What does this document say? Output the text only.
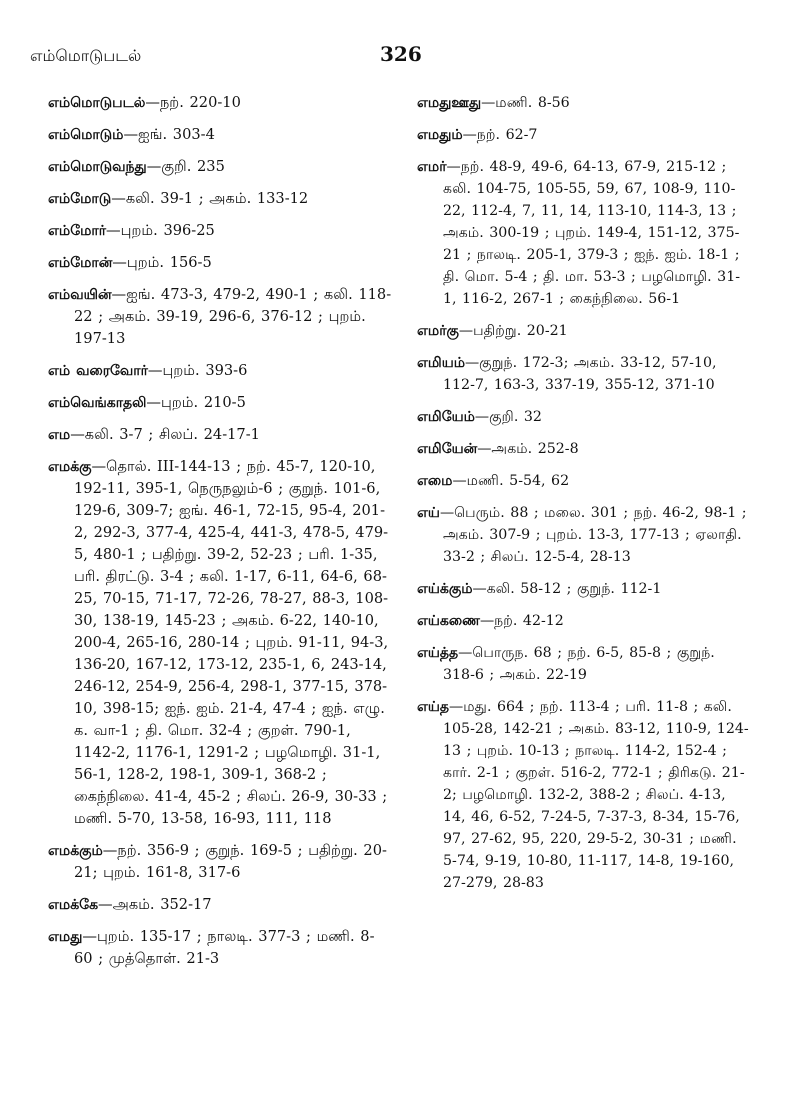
எம்மொடுபடல்	326

எம்மொடுபடல்—நற். 220-10

எம்மொடும்—ஐங். 303-4

எம்மொடுவந்து—குறி. 235

எம்மோடு—கலி. 39-1 ; அகம். 133-12

எம்மோர்—புறம். 396-25

எம்மோன்—புறம். 156-5

எம்வயின்—ஐங். 473-3, 479-2, 490-1 ; கலி. 118-22 ; அகம். 39-19, 296-6, 376-12 ; புறம். 197-13

எம் வரைவோர்—புறம். 393-6

எம்வெங்காதலி—புறம். 210-5

எம—கலி. 3-7 ; சிலப். 24-17-1

எமக்கு—தொல். III-144-13 ; நற். 45-7, 120-10, 192-11, 395-1, நெருநலும்-6 ; குறுந். 101-6, 129-6, 309-7; ஐங். 46-1, 72-15, 95-4, 201-2, 292-3, 377-4, 425-4, 441-3, 478-5, 479-5, 480-1 ; பதிற்று. 39-2, 52-23 ; பரி. 1-35, பரி. திரட்டு. 3-4 ; கலி. 1-17, 6-11, 64-6, 68-25, 70-15, 71-17, 72-26, 78-27, 88-3, 108-30, 138-19, 145-23 ; அகம். 6-22, 140-10, 200-4, 265-16, 280-14 ; புறம். 91-11, 94-3, 136-20, 167-12, 173-12, 235-1, 6, 243-14, 246-12, 254-9, 256-4, 298-1, 377-15, 378-10, 398-15; ஐந். ஐம். 21-4, 47-4 ; ஐந். எழு. க. வா-1 ; தி. மொ. 32-4 ; குறள். 790-1, 1142-2, 1176-1, 1291-2 ; பழமொழி. 31-1, 56-1, 128-2, 198-1, 309-1, 368-2 ; கைந்நிலை. 41-4, 45-2 ; சிலப். 26-9, 30-33 ; மணி. 5-70, 13-58, 16-93, 111, 118

எமக்கும்—நற். 356-9 ; குறுந். 169-5 ; பதிற்று. 20-21; புறம். 161-8, 317-6

எமக்கே—அகம். 352-17

எமது—புறம். 135-17 ; நாலடி. 377-3 ; மணி. 8-60 ; முத்தொள். 21-3

எமதுஊது—மணி. 8-56

எமதும்—நற். 62-7

எமர்—நற். 48-9, 49-6, 64-13, 67-9, 215-12 ; கலி. 104-75, 105-55, 59, 67, 108-9, 110-22, 112-4, 7, 11, 14, 113-10, 114-3, 13 ; அகம். 300-19 ; புறம். 149-4, 151-12, 375-21 ; நாலடி. 205-1, 379-3 ; ஐந். ஐம். 18-1 ; தி. மொ. 5-4 ; தி. மா. 53-3 ; பழமொழி. 31-1, 116-2, 267-1 ; கைந்நிலை. 56-1

எமர்கு—பதிற்று. 20-21

எமியம்—குறுந். 172-3; அகம். 33-12, 57-10, 112-7, 163-3, 337-19, 355-12, 371-10

எமியேம்—குறி. 32

எமியேன்—அகம். 252-8

எமை—மணி. 5-54, 62

எய்—பெரும். 88 ; மலை. 301 ; நற். 46-2, 98-1 ; அகம். 307-9 ; புறம். 13-3, 177-13 ; ஏலாதி. 33-2 ; சிலப். 12-5-4, 28-13

எய்க்கும்—கலி. 58-12 ; குறுந். 112-1

எய்கணை—நற். 42-12

எய்த்த—பொருந. 68 ; நற். 6-5, 85-8 ; குறுந். 318-6 ; அகம். 22-19

எய்த—மது. 664 ; நற். 113-4 ; பரி. 11-8 ; கலி. 105-28, 142-21 ; அகம். 83-12, 110-9, 124-13 ; புறம். 10-13 ; நாலடி. 114-2, 152-4 ; கார். 2-1 ; குறள். 516-2, 772-1 ; திரிகடு. 21-2; பழமொழி. 132-2, 388-2 ; சிலப். 4-13, 14, 46, 6-52, 7-24-5, 7-37-3, 8-34, 15-76, 97, 27-62, 95, 220, 29-5-2, 30-31 ; மணி. 5-74, 9-19, 10-80, 11-117, 14-8, 19-160, 27-279, 28-83
